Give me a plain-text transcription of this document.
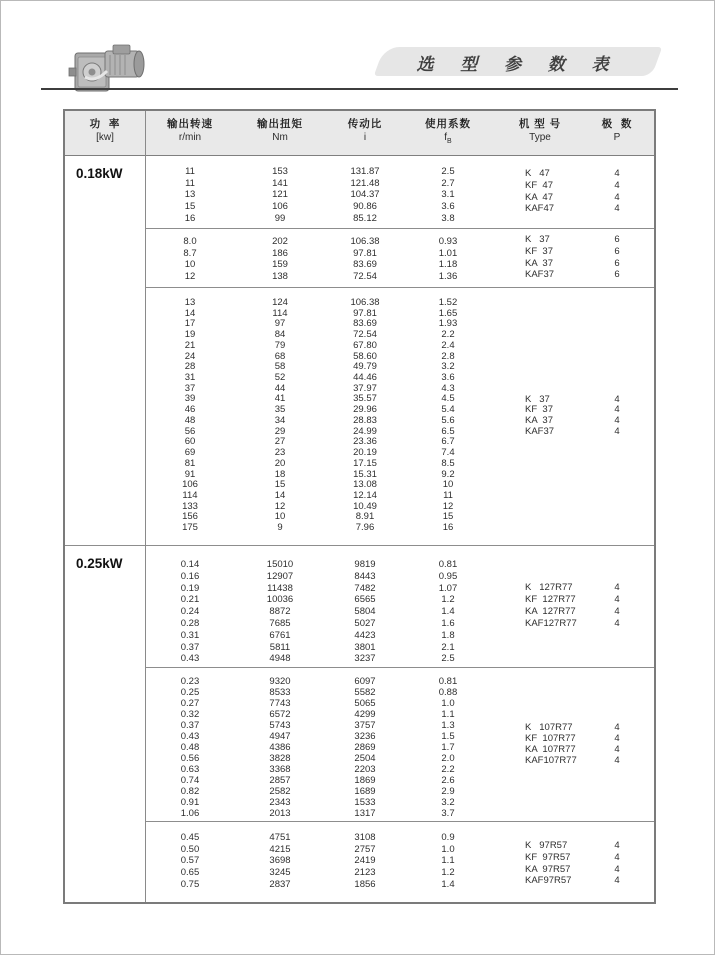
选 型 参 数 表
功  率
[kw]
输出转速
r/min
输出扭矩
Nm
传动比
i
使用系数
$f_B$
机 型 号
Type
极  数
P
0.18kW	11
11
13
15
16
153
141
121
106
99
131.87
121.48
104.37
90.86
85.12
2.5
2.7
3.1
3.6
3.8
K   47
KF  47
KA  47
KAF47
4
4
4
4
8.0
8.7
10
12
202
186
159
138
106.38
97.81
83.69
72.54
0.93
1.01
1.18
1.36
K   37
KF  37
KA  37
KAF37
6
6
6
6
13
14
17
19
21
24
28
31
37
39
46
48
56
60
69
81
91
106
114
133
156
175
124
114
97
84
79
68
58
52
44
41
35
34
29
27
23
20
18
15
14
12
10
9
106.38
97.81
83.69
72.54
67.80
58.60
49.79
44.46
37.97
35.57
29.96
28.83
24.99
23.36
20.19
17.15
15.31
13.08
12.14
10.49
8.91
7.96
1.52
1.65
1.93
2.2
2.4
2.8
3.2
3.6
4.3
4.5
5.4
5.6
6.5
6.7
7.4
8.5
9.2
10
11
12
15
16
K   37
KF  37
KA  37
KAF37
4
4
4
4
0.25kW	0.14
0.16
0.19
0.21
0.24
0.28
0.31
0.37
0.43
15010
12907
11438
10036
8872
7685
6761
5811
4948
9819
8443
7482
6565
5804
5027
4423
3801
3237
0.81
0.95
1.07
1.2
1.4
1.6
1.8
2.1
2.5
K   127R77
KF  127R77
KA  127R77
KAF127R77
4
4
4
4
0.23
0.25
0.27
0.32
0.37
0.43
0.48
0.56
0.63
0.74
0.82
0.91
1.06
9320
8533
7743
6572
5743
4947
4386
3828
3368
2857
2582
2343
2013
6097
5582
5065
4299
3757
3236
2869
2504
2203
1869
1689
1533
1317
0.81
0.88
1.0
1.1
1.3
1.5
1.7
2.0
2.2
2.6
2.9
3.2
3.7
K   107R77
KF  107R77
KA  107R77
KAF107R77
4
4
4
4
0.45
0.50
0.57
0.65
0.75
4751
4215
3698
3245
2837
3108
2757
2419
2123
1856
0.9
1.0
1.1
1.2
1.4
K   97R57
KF  97R57
KA  97R57
KAF97R57
4
4
4
4
